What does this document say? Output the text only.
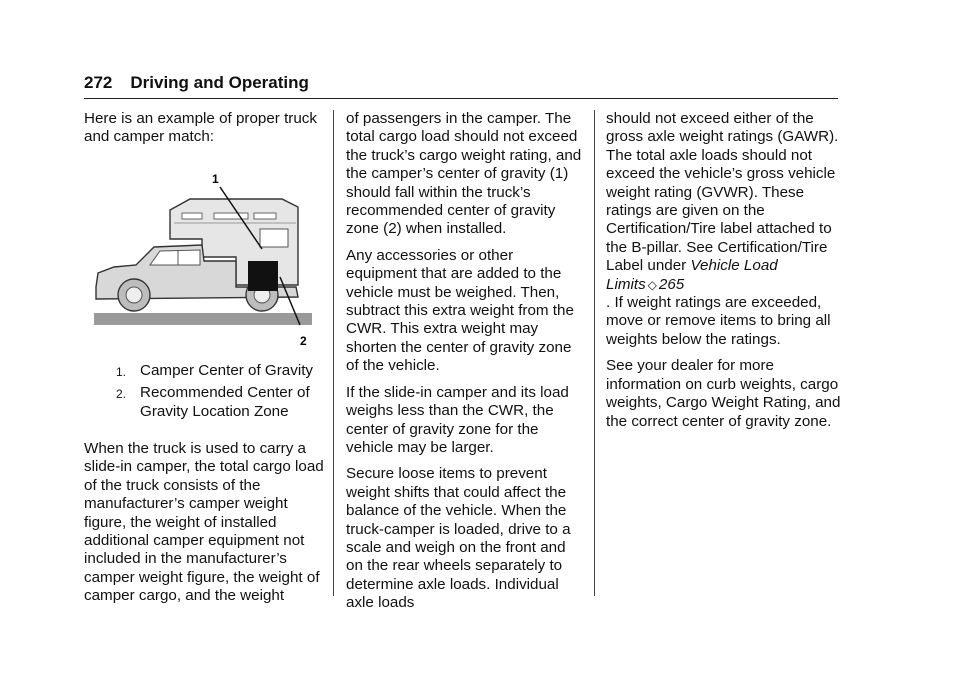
272 Driving and Operating

Here is an example of proper truck and camper match:

1
2
1. Camper Center of Gravity
2. Recommended Center of Gravity Location Zone

When the truck is used to carry a slide-in camper, the total cargo load of the truck consists of the manufacturer’s camper weight figure, the weight of installed additional camper equipment not included in the manufacturer’s camper weight figure, the weight of camper cargo, and the weight

of passengers in the camper. The total cargo load should not exceed the truck’s cargo weight rating, and the camper’s center of gravity (1) should fall within the truck’s recommended center of gravity zone (2) when installed.

Any accessories or other equipment that are added to the vehicle must be weighed. Then, subtract this extra weight from the CWR. This extra weight may shorten the center of gravity zone of the vehicle.

If the slide-in camper and its load weighs less than the CWR, the center of gravity zone for the vehicle may be larger.

Secure loose items to prevent weight shifts that could affect the balance of the vehicle. When the truck-camper is loaded, drive to a scale and weigh on the front and on the rear wheels separately to determine axle loads. Individual axle loads

should not exceed either of the gross axle weight ratings (GAWR). The total axle loads should not exceed the vehicle’s gross vehicle weight rating (GVWR). These ratings are given on the Certification/Tire label attached to the B-pillar. See Certification/Tire Label under Vehicle Load Limits ◇ 265
. If weight ratings are exceeded, move or remove items to bring all weights below the ratings.

See your dealer for more information on curb weights, cargo weights, Cargo Weight Rating, and the correct center of gravity zone.
